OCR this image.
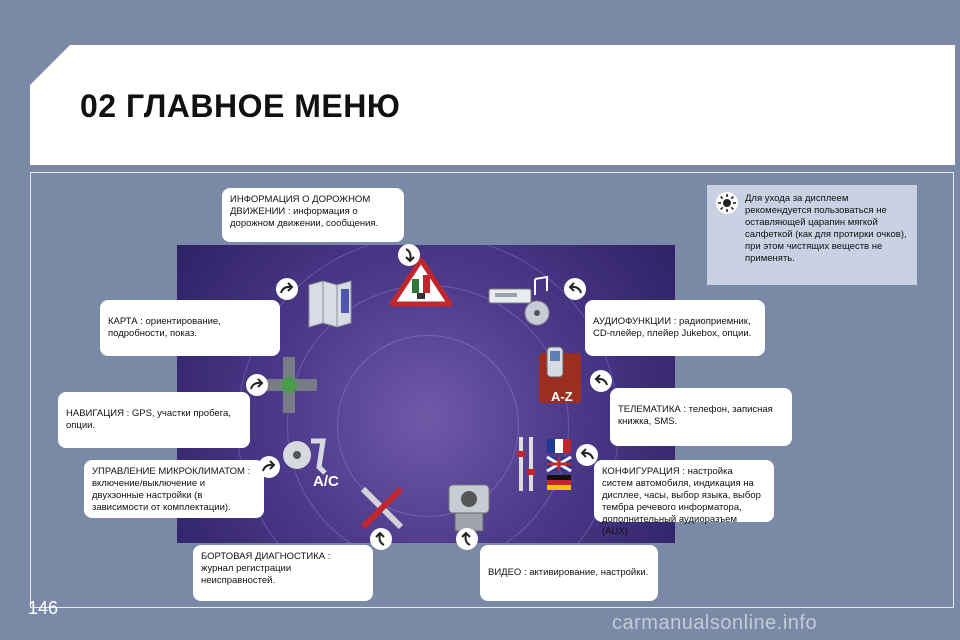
02 ГЛАВНОЕ МЕНЮ
Для ухода за дисплеем рекомендуется пользоваться не оставляющей царапин мягкой салфеткой (как для протирки очков), при этом чистящих веществ не применять.
A-Z
A/C
ИНФОРМАЦИЯ О ДОРОЖНОМ ДВИЖЕНИИ : информация о дорожном движении, сообщения.
КАРТА : ориентирование, подробности, показ.
НАВИГАЦИЯ : GPS, участки пробега, опции.
УПРАВЛЕНИЕ МИКРОКЛИМАТОМ : включение/выключение и двухзонные настройки (в зависимости от комплектации).
БОРТОВАЯ ДИАГНОСТИКА : журнал регистрации неисправностей.
ВИДЕО : активирование, настройки.
КОНФИГУРАЦИЯ : настройка систем автомобиля, индикация на дисплее, часы, выбор языка, выбор тембра речевого информатора, дополнительный аудиоразъем (AUX).
ТЕЛЕМАТИКА : телефон, записная книжка, SMS.
АУДИОФУНКЦИИ : радиоприемник, CD-плейер, плейер Jukebox, опции.
146
carmanualsonline.info
